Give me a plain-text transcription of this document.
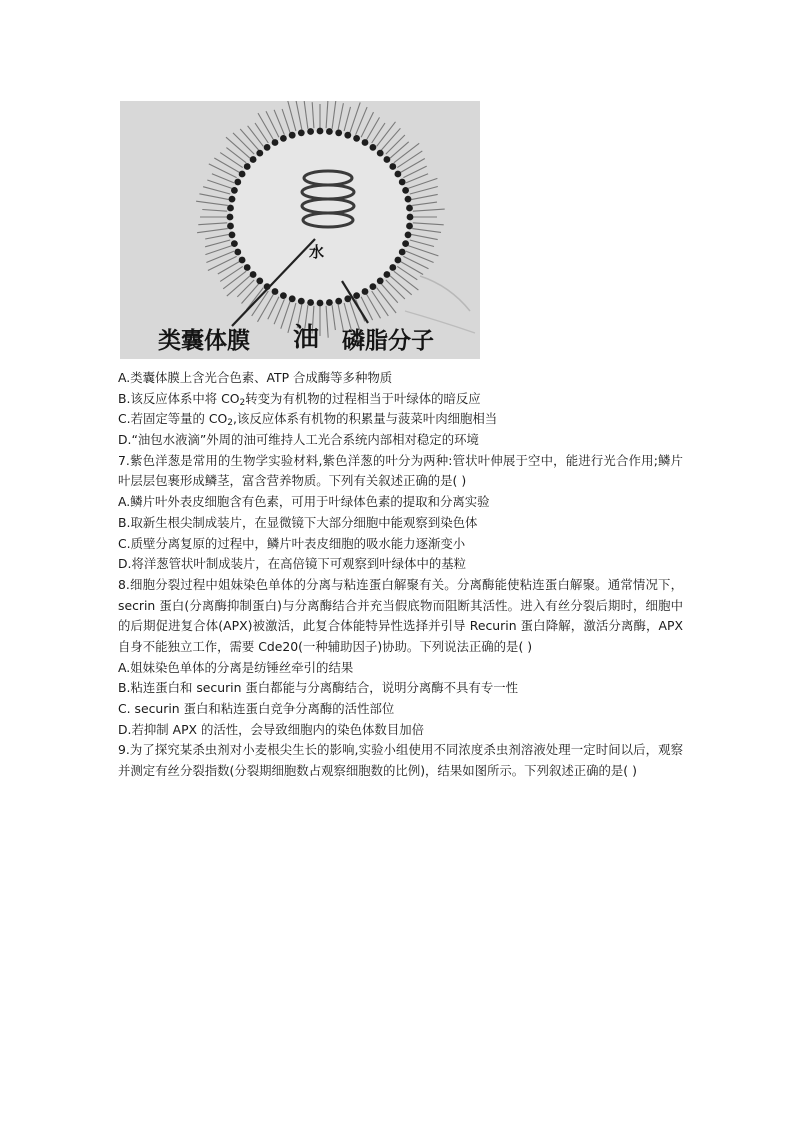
水
类囊体膜 油 磷脂分子
A.类囊体膜上含光合色素、ATP 合成酶等多种物质
B.该反应体系中将 $CO_2$转变为有机物的过程相当于叶绿体的暗反应
C.若固定等量的 $CO_2$,该反应体系有机物的积累量与菠菜叶肉细胞相当
D.“油包水液滴”外周的油可维持人工光合系统内部相对稳定的环境
7.紫色洋葱是常用的生物学实验材料,紫色洋葱的叶分为两种:管状叶伸展于空中，能进行光合作用;鳞片叶层层包裹形成鳞茎，富含营养物质。下列有关叙述正确的是( )
A.鳞片叶外表皮细胞含有色素，可用于叶绿体色素的提取和分离实验
B.取新生根尖制成装片，在显微镜下大部分细胞中能观察到染色体
C.质壁分离复原的过程中，鳞片叶表皮细胞的吸水能力逐渐变小
D.将洋葱管状叶制成装片，在高倍镜下可观察到叶绿体中的基粒
8.细胞分裂过程中姐妹染色单体的分离与粘连蛋白解聚有关。分离酶能使粘连蛋白解聚。通常情况下，secrin 蛋白(分离酶抑制蛋白)与分离酶结合并充当假底物而阻断其活性。进入有丝分裂后期时，细胞中的后期促进复合体(APX)被激活，此复合体能特异性选择并引导 Recurin 蛋白降解，激活分离酶，APX 自身不能独立工作，需要 Cde20(一种辅助因子)协助。下列说法正确的是( )
A.姐妹染色单体的分离是纺锤丝牵引的结果
B.粘连蛋白和 securin 蛋白都能与分离酶结合，说明分离酶不具有专一性
C. securin 蛋白和粘连蛋白竞争分离酶的活性部位
D.若抑制 APX 的活性，会导致细胞内的染色体数目加倍
9.为了探究某杀虫剂对小麦根尖生长的影响,实验小组使用不同浓度杀虫剂溶液处理一定时间以后，观察并测定有丝分裂指数(分裂期细胞数占观察细胞数的比例)，结果如图所示。下列叙述正确的是( )
